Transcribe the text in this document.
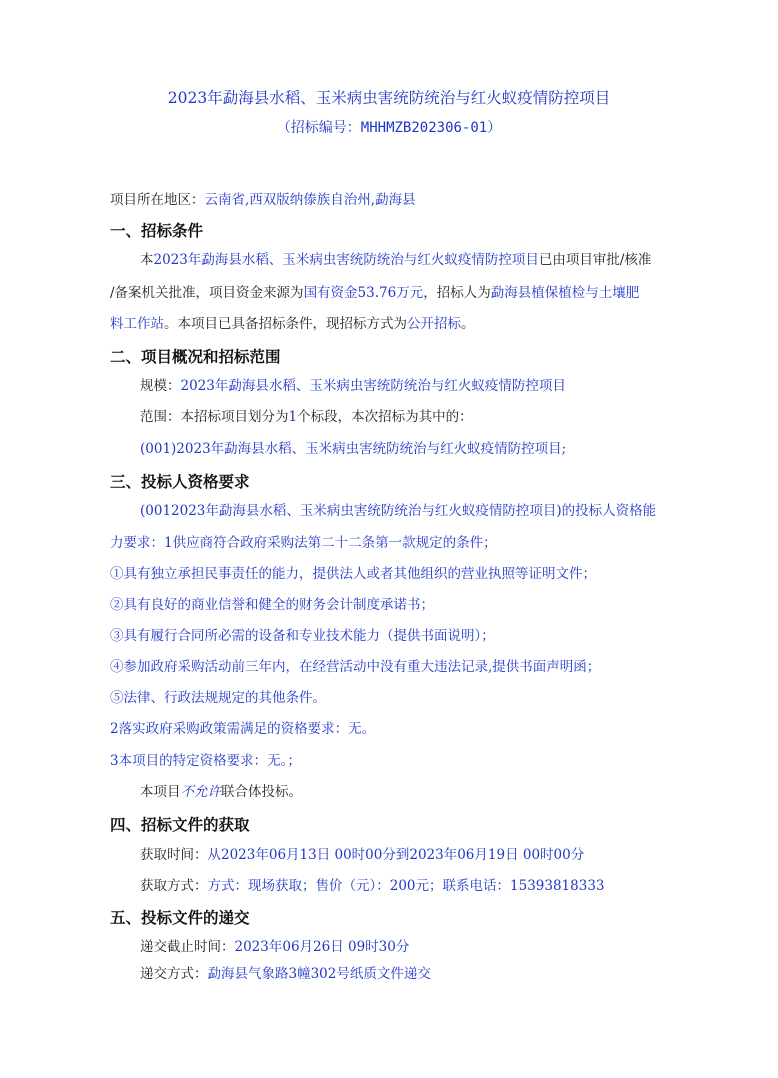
2023年勐海县水稻、玉米病虫害统防统治与红火蚁疫情防控项目
（招标编号：MHHMZB202306-01）
项目所在地区：云南省,西双版纳傣族自治州,勐海县
一、招标条件
本2023年勐海县水稻、玉米病虫害统防统治与红火蚁疫情防控项目已由项目审批/核准
/备案机关批准，项目资金来源为国有资金53.76万元，招标人为勐海县植保植检与土壤肥
料工作站。本项目已具备招标条件，现招标方式为公开招标。
二、项目概况和招标范围
规模：2023年勐海县水稻、玉米病虫害统防统治与红火蚁疫情防控项目
范围：本招标项目划分为1个标段，本次招标为其中的：
(001)2023年勐海县水稻、玉米病虫害统防统治与红火蚁疫情防控项目;
三、投标人资格要求
(0012023年勐海县水稻、玉米病虫害统防统治与红火蚁疫情防控项目)的投标人资格能
力要求：1供应商符合政府采购法第二十二条第一款规定的条件；
①具有独立承担民事责任的能力，提供法人或者其他组织的营业执照等证明文件；
②具有良好的商业信誉和健全的财务会计制度承诺书；
③具有履行合同所必需的设备和专业技术能力（提供书面说明）；
④参加政府采购活动前三年内，在经营活动中没有重大违法记录,提供书面声明函；
⑤法律、行政法规规定的其他条件。
2落实政府采购政策需满足的资格要求：无。
3本项目的特定资格要求：无。；
本项目不允许联合体投标。
四、招标文件的获取
获取时间：从2023年06月13日 00时00分到2023年06月19日 00时00分
获取方式：方式：现场获取；售价（元）：200元；联系电话：15393818333
五、投标文件的递交
递交截止时间：2023年06月26日 09时30分
递交方式：勐海县气象路3幢302号纸质文件递交
